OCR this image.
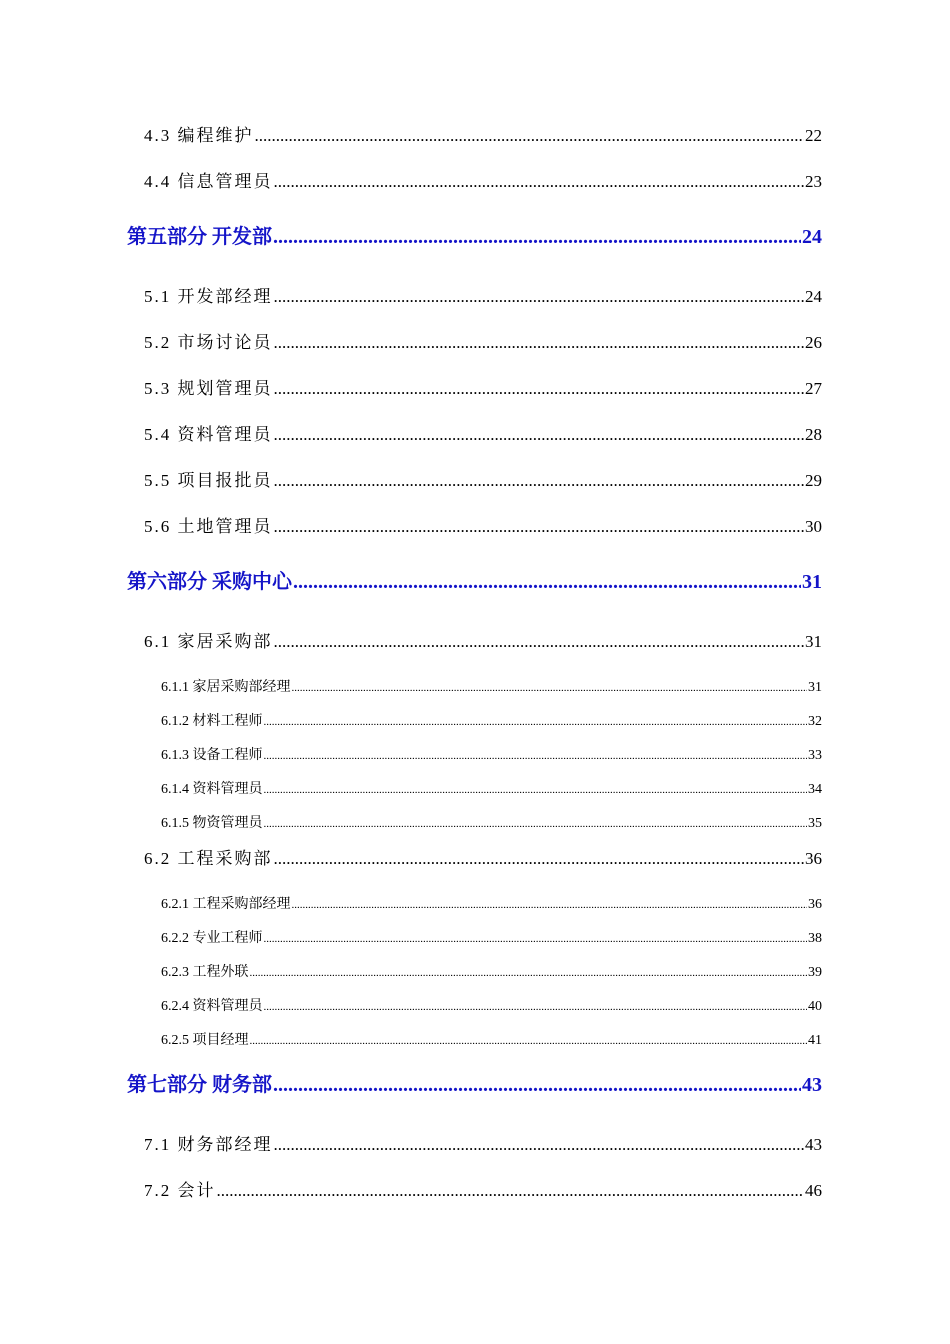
4.3 编程维护 .....	22
4.4 信息管理员 .....	23
第五部分 开发部 .....	24
5.1 开发部经理 .....	24
5.2 市场讨论员 .....	26
5.3 规划管理员 .....	27
5.4 资料管理员 .....	28
5.5 项目报批员 .....	29
5.6 土地管理员 .....	30
第六部分 采购中心 .....	31
6.1 家居采购部 .....	31
6.1.1 家居采购部经理 .....	31
6.1.2 材料工程师 .....	32
6.1.3 设备工程师 .....	33
6.1.4 资料管理员 .....	34
6.1.5 物资管理员 .....	35
6.2 工程采购部 .....	36
6.2.1 工程采购部经理 .....	36
6.2.2 专业工程师 .....	38
6.2.3 工程外联 .....	39
6.2.4 资料管理员 .....	40
6.2.5 项目经理 .....	41
第七部分 财务部 .....	43
7.1 财务部经理 .....	43
7.2 会计 .....	46
